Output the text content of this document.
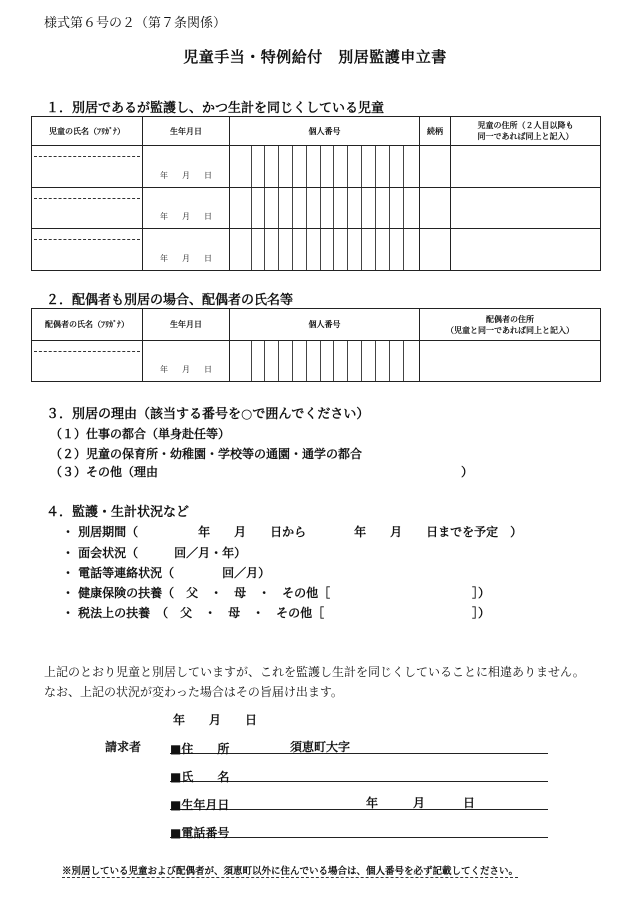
様式第６号の２（第７条関係）
児童手当・特例給付　別居監護申立書
１．別居であるが監護し、かつ生計を同じくしている児童
児童の氏名（ﾌﾘｶﾞﾅ）	生年月日	個人番号	続柄	児童の住所（２人目以降も
同一であれば同上と記入）

	年 月 日			

	年 月 日			

	年 月 日			

２．配偶者も別居の場合、配偶者の氏名等
配偶者の氏名（ﾌﾘｶﾞﾅ）	生年月日	個人番号	配偶者の住所
（児童と同一であれば同上と記入）

	年 月 日		

３．別居の理由（該当する番号を○で囲んでください）
（１）仕事の都合（単身赴任等）
（２）児童の保育所・幼稚園・学校等の通園・通学の都合
（３）その他（理由	）
４．監護・生計状況など
・ 別居期間（　　　　　年　　月　　日から　　　　年　　月　　日までを予定　）
・ 面会状況（　　　回／月・年）
・ 電話等連絡状況（　　　　回／月）
・ 健康保険の扶養（　父　・　母　・　その他［	］）
・ 税法上の扶養　（　父　・　母　・　その他［	］）
上記のとおり児童と別居していますが、これを監護し生計を同じくしていることに相違ありません。
なお、上記の状況が変わった場合はその旨届け出ます。
年　　月　　日
請求者 ■住　　所	須恵町大字
■氏　　名
■生年月日	年	月	日
■電話番号
※別居している児童および配偶者が、須恵町以外に住んでいる場合は、個人番号を必ず記載してください。
